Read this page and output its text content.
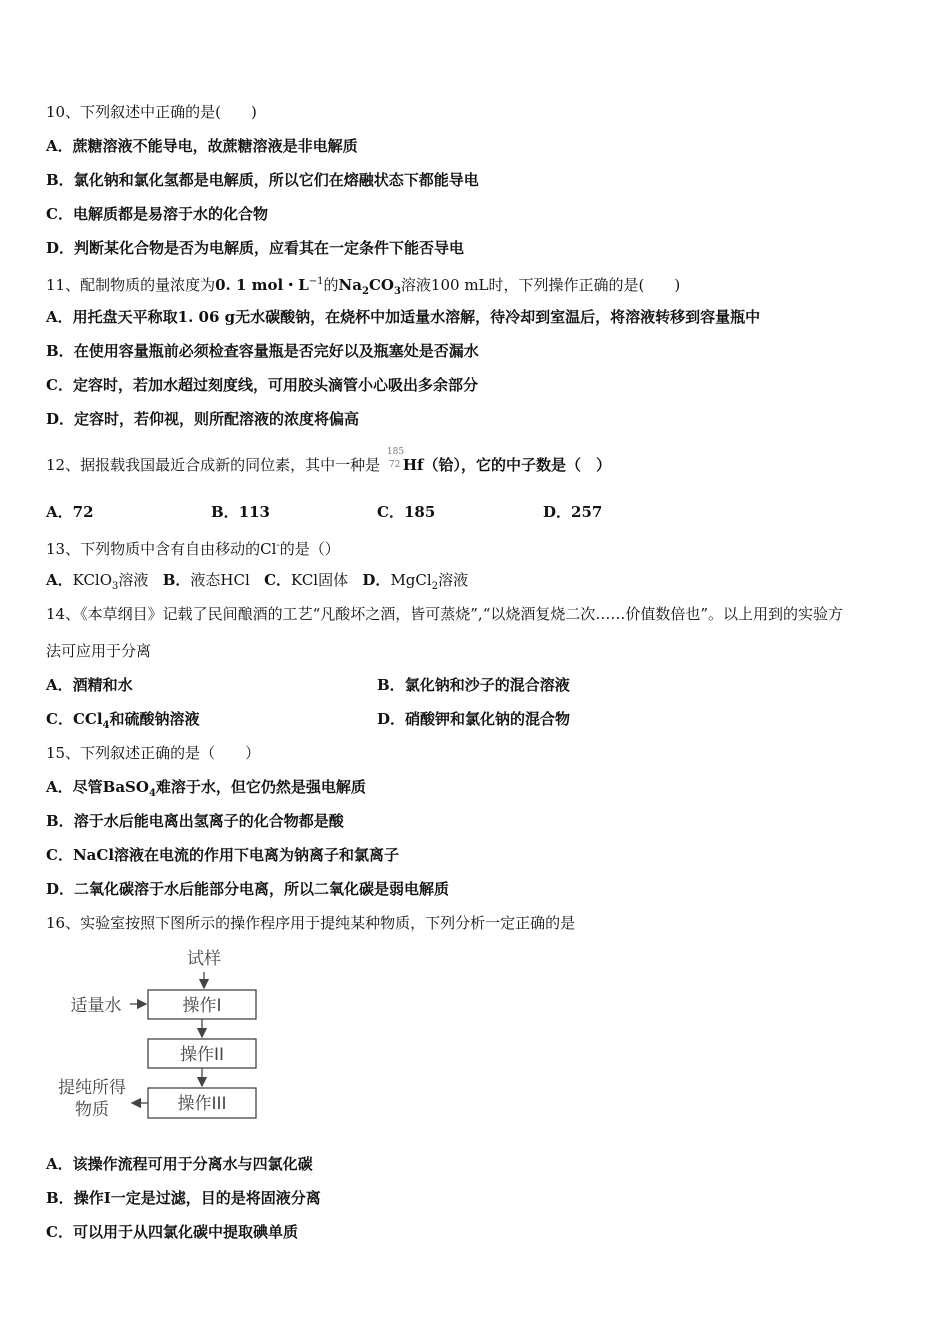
10、下列叙述中正确的是(　　)
A．蔗糖溶液不能导电，故蔗糖溶液是非电解质
B．氯化钠和氯化氢都是电解质，所以它们在熔融状态下都能导电
C．电解质都是易溶于水的化合物
D．判断某化合物是否为电解质，应看其在一定条件下能否导电
11、配制物质的量浓度为0. 1 mol・$L^{-1}$的$Na_2CO_3$溶液100 mL时，下列操作正确的是(　　)
A．用托盘天平称取1. 06 g无水碳酸钠，在烧杯中加适量水溶解，待冷却到室温后，将溶液转移到容量瓶中
B．在使用容量瓶前必须检查容量瓶是否完好以及瓶塞处是否漏水
C．定容时，若加水超过刻度线，可用胶头滴管小心吸出多余部分
D．定容时，若仰视，则所配溶液的浓度将偏高
12、据报载我国最近合成新的同位素，其中一种是
185
72 Hf（铪），它的中子数是（　）
A．72	B．113	C．185	D．257
13、下列物质中含有自由移动的Cl-的是（）
A．KClO$_3$溶液 B．液态HCl C．KCl固体 D．MgCl$_2$溶液
14、《本草纲目》记载了民间酿酒的工艺“凡酸坏之酒，皆可蒸烧”,“以烧酒复烧二次……价值数倍也”。以上用到的实验方
法可应用于分离
A．酒精和水	B．氯化钠和沙子的混合溶液
C．CCl$_4$和硫酸钠溶液	D．硝酸钾和氯化钠的混合物
15、下列叙述正确的是（　　）
A．尽管BaSO$_4$难溶于水，但它仍然是强电解质
B．溶于水后能电离出氢离子的化合物都是酸
C．NaCl溶液在电流的作用下电离为钠离子和氯离子
D．二氧化碳溶于水后能部分电离，所以二氧化碳是弱电解质
16、实验室按照下图所示的操作程序用于提纯某种物质，下列分析一定正确的是
试样
操作I
适量水
操作II
操作III
提纯所得
物质
A．该操作流程可用于分离水与四氯化碳
B．操作I一定是过滤，目的是将固液分离
C．可以用于从四氯化碳中提取碘单质
